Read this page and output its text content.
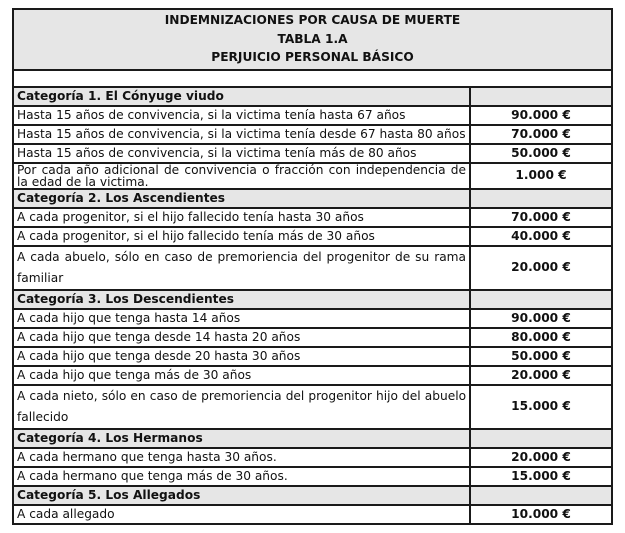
INDEMNIZACIONES POR CAUSA DE MUERTE
TABLA 1.A
PERJUICIO PERSONAL BÁSICO	

Categoría 1. El Cónyuge viudo	
Hasta 15 años de convivencia, si la victima tenía hasta 67 años	90.000 €
Hasta 15 años de convivencia, si la victima tenía desde 67 hasta 80 años	70.000 €
Hasta 15 años de convivencia, si la victima tenía más de 80 años	50.000 €
Por cada año adicional de convivencia o fracción con independencia de la edad de la victima.	1.000 €
Categoría 2. Los Ascendientes	
A cada progenitor, si el hijo fallecido tenía hasta 30 años	70.000 €
A cada progenitor, si el hijo fallecido tenía más de 30 años	40.000 €
A cada abuelo, sólo en caso de premoriencia del progenitor de su rama familiar	20.000 €
Categoría 3. Los Descendientes	
A cada hijo que tenga hasta 14 años	90.000 €
A cada hijo que tenga desde 14 hasta 20 años	80.000 €
A cada hijo que tenga desde 20 hasta 30 años	50.000 €
A cada hijo que tenga más de 30 años	20.000 €
A cada nieto, sólo en caso de premoriencia del progenitor hijo del abuelo fallecido	15.000 €
Categoría 4. Los Hermanos	
A cada hermano que tenga hasta 30 años.	20.000 €
A cada hermano que tenga más de 30 años.	15.000 €
Categoría 5. Los Allegados	
A cada allegado	10.000 €
